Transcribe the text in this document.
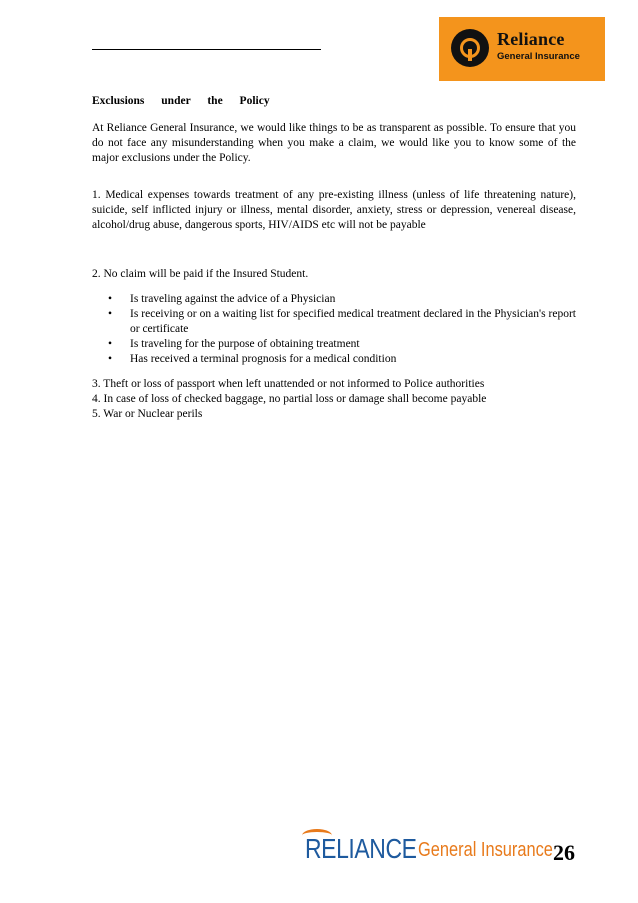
Reliance
General Insurance
Exclusions under the Policy

At Reliance General Insurance, we would like things to be as transparent as possible. To ensure that you do not face any misunderstanding when you make a claim, we would like you to know some of the major exclusions under the Policy.

1. Medical expenses towards treatment of any pre-existing illness (unless of life threatening nature), suicide, self inflicted injury or illness, mental disorder, anxiety, stress or depression, venereal disease, alcohol/drug abuse, dangerous sports, HIV/AIDS etc will not be payable

2. No claim will be paid if the Insured Student.

• Is traveling against the advice of a Physician
• Is receiving or on a waiting list for specified medical treatment declared in the Physician's report or certificate
• Is traveling for the purpose of obtaining treatment
• Has received a terminal prognosis for a medical condition

3. Theft or loss of passport when left unattended or not informed to Police authorities

4. In case of loss of checked baggage, no partial loss or damage shall become payable

5. War or Nuclear perils

RELIANCE General Insurance 26
